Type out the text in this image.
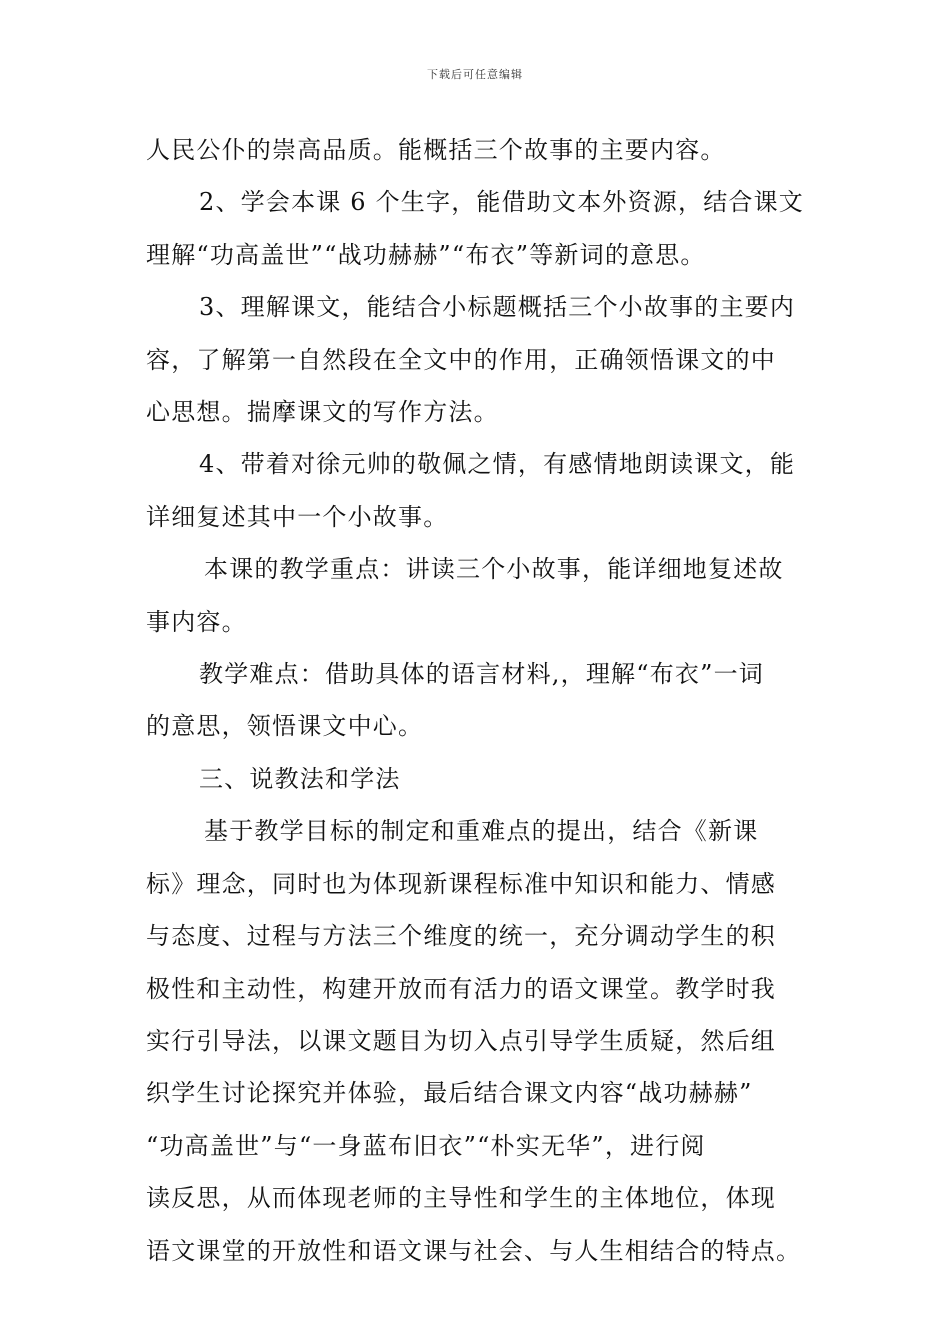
下载后可任意编辑

人民公仆的崇高品质。能概括三个故事的主要内容。

2、学会本课 6 个生字，能借助文本外资源，结合课文

理解“功高盖世”“战功赫赫”“布衣”等新词的意思。

3、理解课文，能结合小标题概括三个小故事的主要内

容，了解第一自然段在全文中的作用，正确领悟课文的中

心思想。揣摩课文的写作方法。

4、带着对徐元帅的敬佩之情，有感情地朗读课文，能

详细复述其中一个小故事。

本课的教学重点：讲读三个小故事，能详细地复述故

事内容。

教学难点：借助具体的语言材料,，理解“布衣”一词

的意思，领悟课文中心。

三、说教法和学法

基于教学目标的制定和重难点的提出，结合《新课

标》理念，同时也为体现新课程标准中知识和能力、情感

与态度、过程与方法三个维度的统一，充分调动学生的积

极性和主动性，构建开放而有活力的语文课堂。教学时我

实行引导法，以课文题目为切入点引导学生质疑，然后组

织学生讨论探究并体验，最后结合课文内容“战功赫赫”

“功高盖世”与“一身蓝布旧衣”“朴实无华”，进行阅

读反思，从而体现老师的主导性和学生的主体地位，体现

语文课堂的开放性和语文课与社会、与人生相结合的特点。
